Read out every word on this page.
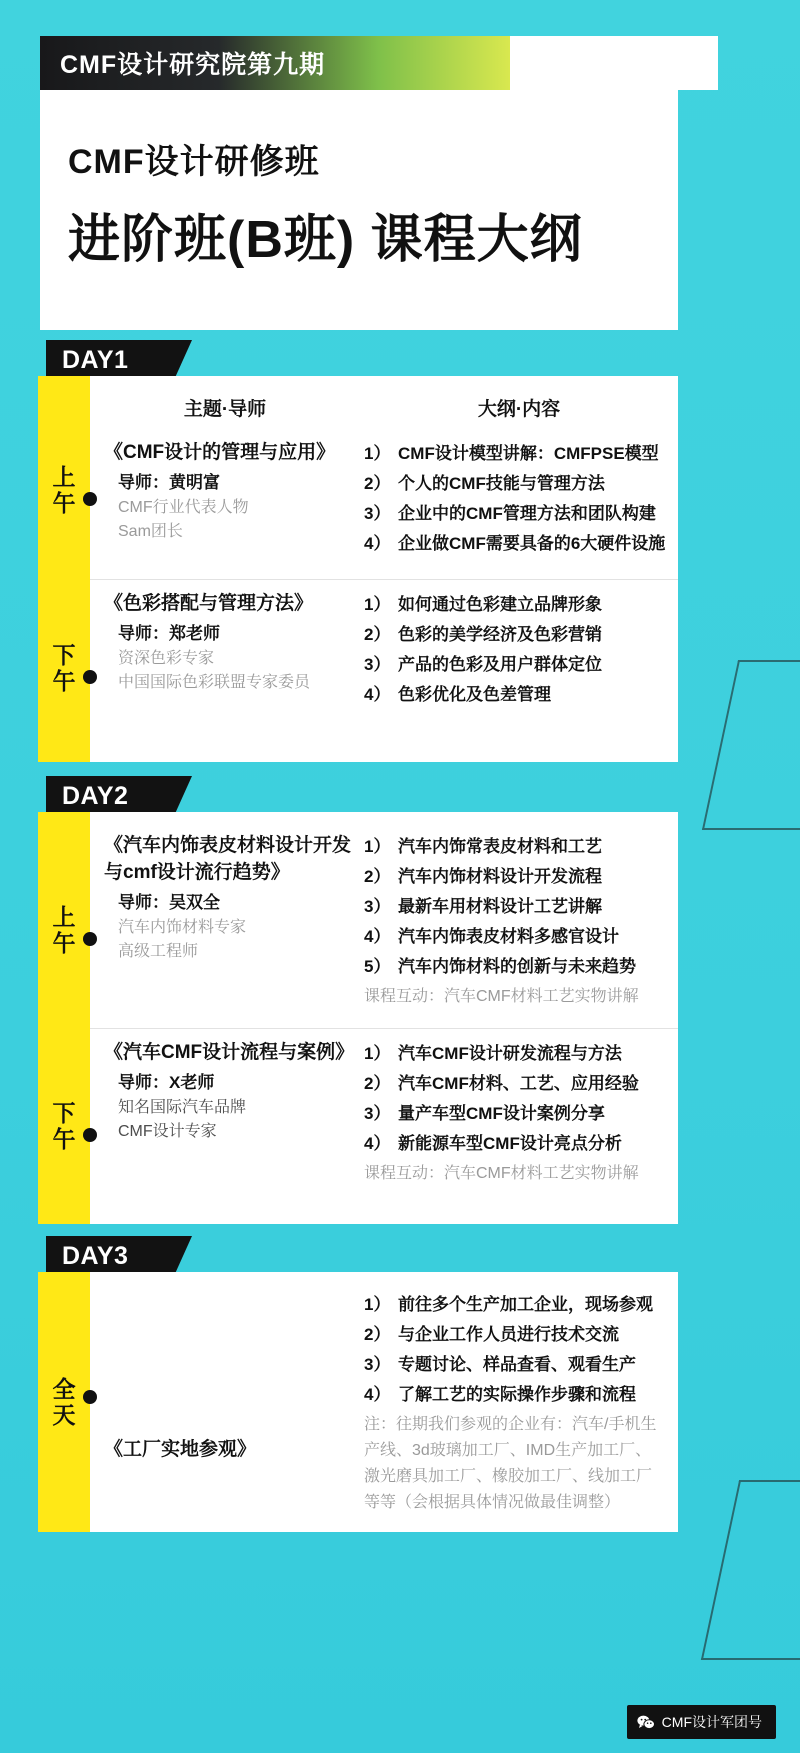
CMF设计研究院第九期
CMF设计研修班
进阶班(B班) 课程大纲
DAY1
上
午
下
午
主题·导师	大纲·内容
《CMF设计的管理与应用》
导师：黄明富
CMF行业代表人物
Sam团长
1） CMF设计模型讲解：CMFPSE模型
2） 个人的CMF技能与管理方法
3） 企业中的CMF管理方法和团队构建
4） 企业做CMF需要具备的6大硬件设施
《色彩搭配与管理方法》
导师：郑老师
资深色彩专家
中国国际色彩联盟专家委员
1） 如何通过色彩建立品牌形象
2） 色彩的美学经济及色彩营销
3） 产品的色彩及用户群体定位
4） 色彩优化及色差管理
DAY2
上
午
下
午
《汽车内饰表皮材料设计开发与cmf设计流行趋势》
导师：吴双全
汽车内饰材料专家
高级工程师
1） 汽车内饰常表皮材料和工艺
2） 汽车内饰材料设计开发流程
3） 最新车用材料设计工艺讲解
4） 汽车内饰表皮材料多感官设计
5） 汽车内饰材料的创新与未来趋势
课程互动：汽车CMF材料工艺实物讲解
《汽车CMF设计流程与案例》
导师：X老师
知名国际汽车品牌
CMF设计专家
1） 汽车CMF设计研发流程与方法
2） 汽车CMF材料、工艺、应用经验
3） 量产车型CMF设计案例分享
4） 新能源车型CMF设计亮点分析
课程互动：汽车CMF材料工艺实物讲解
DAY3
全
天
《工厂实地参观》
1） 前往多个生产加工企业，现场参观
2） 与企业工作人员进行技术交流
3） 专题讨论、样品查看、观看生产
4） 了解工艺的实际操作步骤和流程
注：往期我们参观的企业有：汽车/手机生产线、3d玻璃加工厂、IMD生产加工厂、激光磨具加工厂、橡胶加工厂、线加工厂等等（会根据具体情况做最佳调整）
CMF设计军团号
